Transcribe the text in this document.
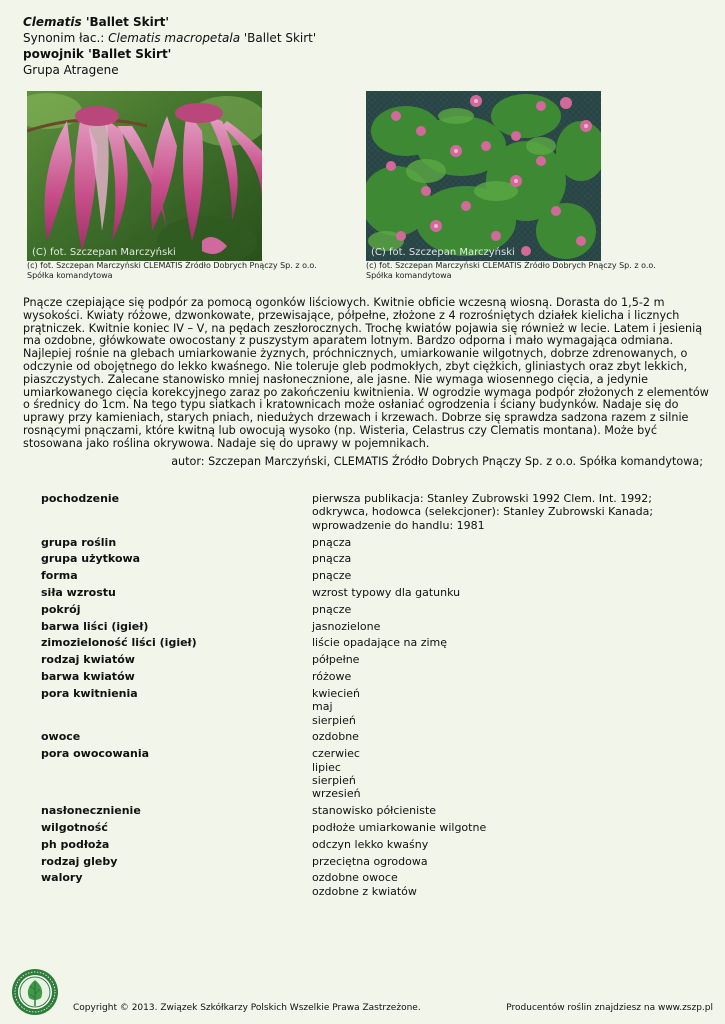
Clematis 'Ballet Skirt'
Synonim łac.: Clematis macropetala 'Ballet Skirt'
powojnik 'Ballet Skirt'
Grupa Atragene
(C) fot. Szczepan Marczyński
(c) fot. Szczepan Marczyński CLEMATIS Źródło Dobrych Pnączy Sp. z o.o. Spółka komandytowa
(C) fot. Szczepan Marczyński
(c) fot. Szczepan Marczyński CLEMATIS Źródło Dobrych Pnączy Sp. z o.o. Spółka komandytowa
Pnącze czepiające się podpór za pomocą ogonków liściowych. Kwitnie obficie wczesną wiosną. Dorasta do 1,5-2 m wysokości. Kwiaty różowe, dzwonkowate, przewisające, półpełne, złożone z 4 rozrośniętych działek kielicha i licznych prątniczek. Kwitnie koniec IV – V, na pędach zeszłorocznych. Trochę kwiatów pojawia się również w lecie. Latem i jesienią ma ozdobne, główkowate owocostany z puszystym aparatem lotnym. Bardzo odporna i mało wymagająca odmiana. Najlepiej rośnie na glebach umiarkowanie żyznych, próchnicznych, umiarkowanie wilgotnych, dobrze zdrenowanych, o odczynie od obojętnego do lekko kwaśnego. Nie toleruje gleb podmokłych, zbyt ciężkich, gliniastych oraz zbyt lekkich, piaszczystych. Zalecane stanowisko mniej nasłonecznione, ale jasne. Nie wymaga wiosennego cięcia, a jedynie umiarkowanego cięcia korekcyjnego zaraz po zakończeniu kwitnienia. W ogrodzie wymaga podpór złożonych z elementów o średnicy do 1cm. Na tego typu siatkach i kratownicach może osłaniać ogrodzenia i ściany budynków. Nadaje się do uprawy przy kamieniach, starych pniach, niedużych drzewach i krzewach. Dobrze się sprawdza sadzona razem z silnie rosnącymi pnączami, które kwitną lub owocują wysoko (np. Wisteria, Celastrus czy Clematis montana). Może być stosowana jako roślina okrywowa. Nadaje się do uprawy w pojemnikach.
autor: Szczepan Marczyński, CLEMATIS Źródło Dobrych Pnączy Sp. z o.o. Spółka komandytowa;
pochodzenie	pierwsza publikacja: Stanley Zubrowski 1992 Clem. Int. 1992; odkrywca, hodowca (selekcjoner): Stanley Zubrowski Kanada; wprowadzenie do handlu: 1981
grupa roślin	pnącza
grupa użytkowa	pnącza
forma	pnącze
siła wzrostu	wzrost typowy dla gatunku
pokrój	pnącze
barwa liści (igieł)	jasnozielone
zimozieloność liści (igieł)	liście opadające na zimę
rodzaj kwiatów	półpełne
barwa kwiatów	różowe
pora kwitnienia	kwiecień
maj
sierpień
owoce	ozdobne
pora owocowania	czerwiec
lipiec
sierpień
wrzesień
nasłonecznienie	stanowisko półcieniste
wilgotność	podłoże umiarkowanie wilgotne
ph podłoża	odczyn lekko kwaśny
rodzaj gleby	przeciętna ogrodowa
walory	ozdobne owoce
ozdobne z kwiatów
Copyright © 2013. Związek Szkółkarzy Polskich Wszelkie Prawa Zastrzeżone.	Producentów roślin znajdziesz na www.zszp.pl
